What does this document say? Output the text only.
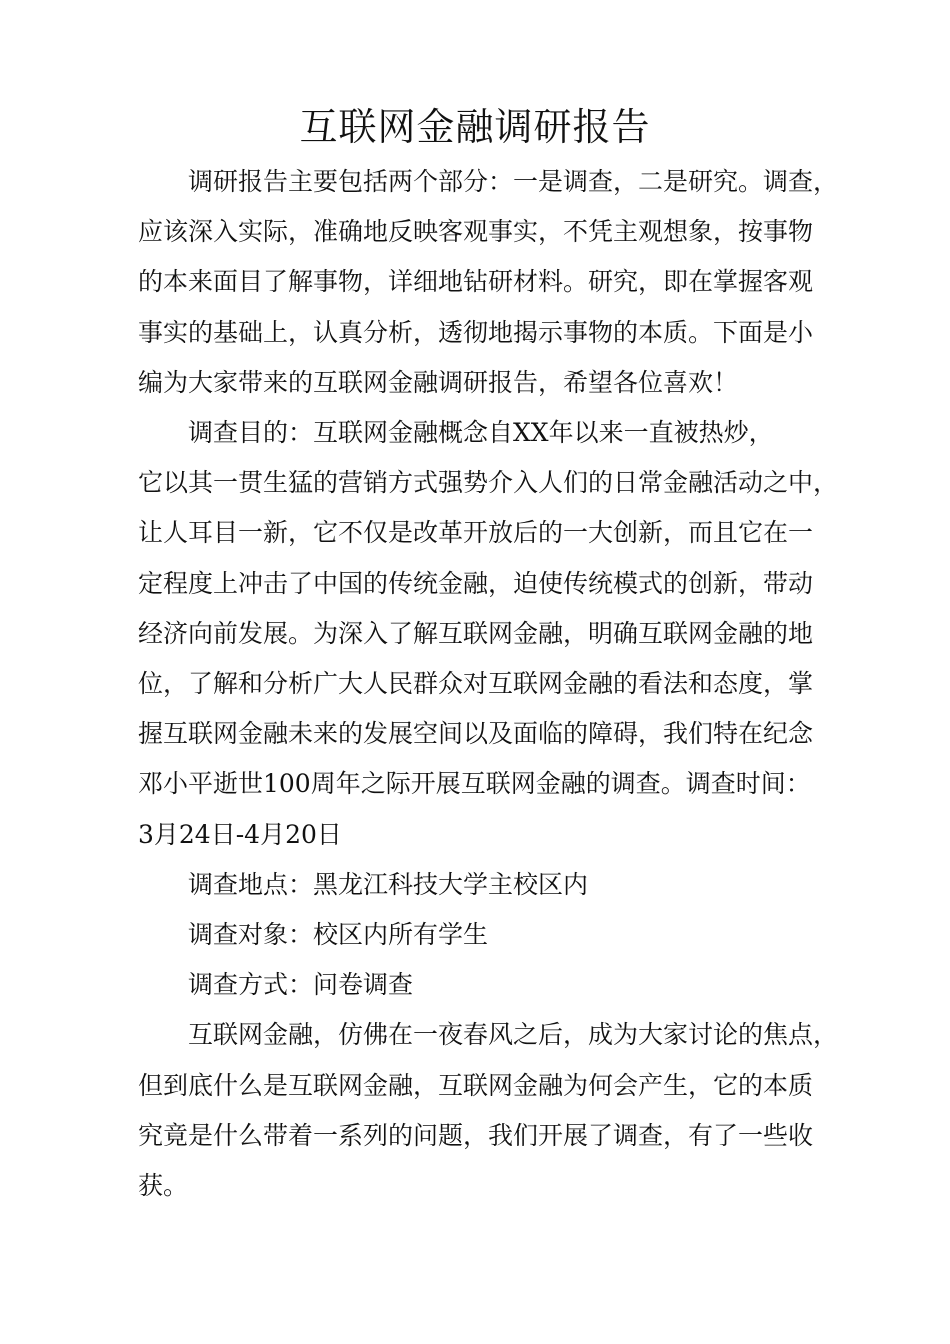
互联网金融调研报告
调研报告主要包括两个部分：一是调查，二是研究。调查，
应该深入实际，准确地反映客观事实，不凭主观想象，按事物
的本来面目了解事物，详细地钻研材料。研究，即在掌握客观
事实的基础上，认真分析，透彻地揭示事物的本质。下面是小
编为大家带来的互联网金融调研报告，希望各位喜欢！
调查目的：互联网金融概念自XX年以来一直被热炒，
它以其一贯生猛的营销方式强势介入人们的日常金融活动之中，
让人耳目一新，它不仅是改革开放后的一大创新，而且它在一
定程度上冲击了中国的传统金融，迫使传统模式的创新，带动
经济向前发展。为深入了解互联网金融，明确互联网金融的地
位，了解和分析广大人民群众对互联网金融的看法和态度，掌
握互联网金融未来的发展空间以及面临的障碍，我们特在纪念
邓小平逝世100周年之际开展互联网金融的调查。调查时间：
3月24日-4月20日
调查地点：黑龙江科技大学主校区内
调查对象：校区内所有学生
调查方式：问卷调查
互联网金融，仿佛在一夜春风之后，成为大家讨论的焦点，
但到底什么是互联网金融，互联网金融为何会产生，它的本质
究竟是什么带着一系列的问题，我们开展了调查，有了一些收
获。
